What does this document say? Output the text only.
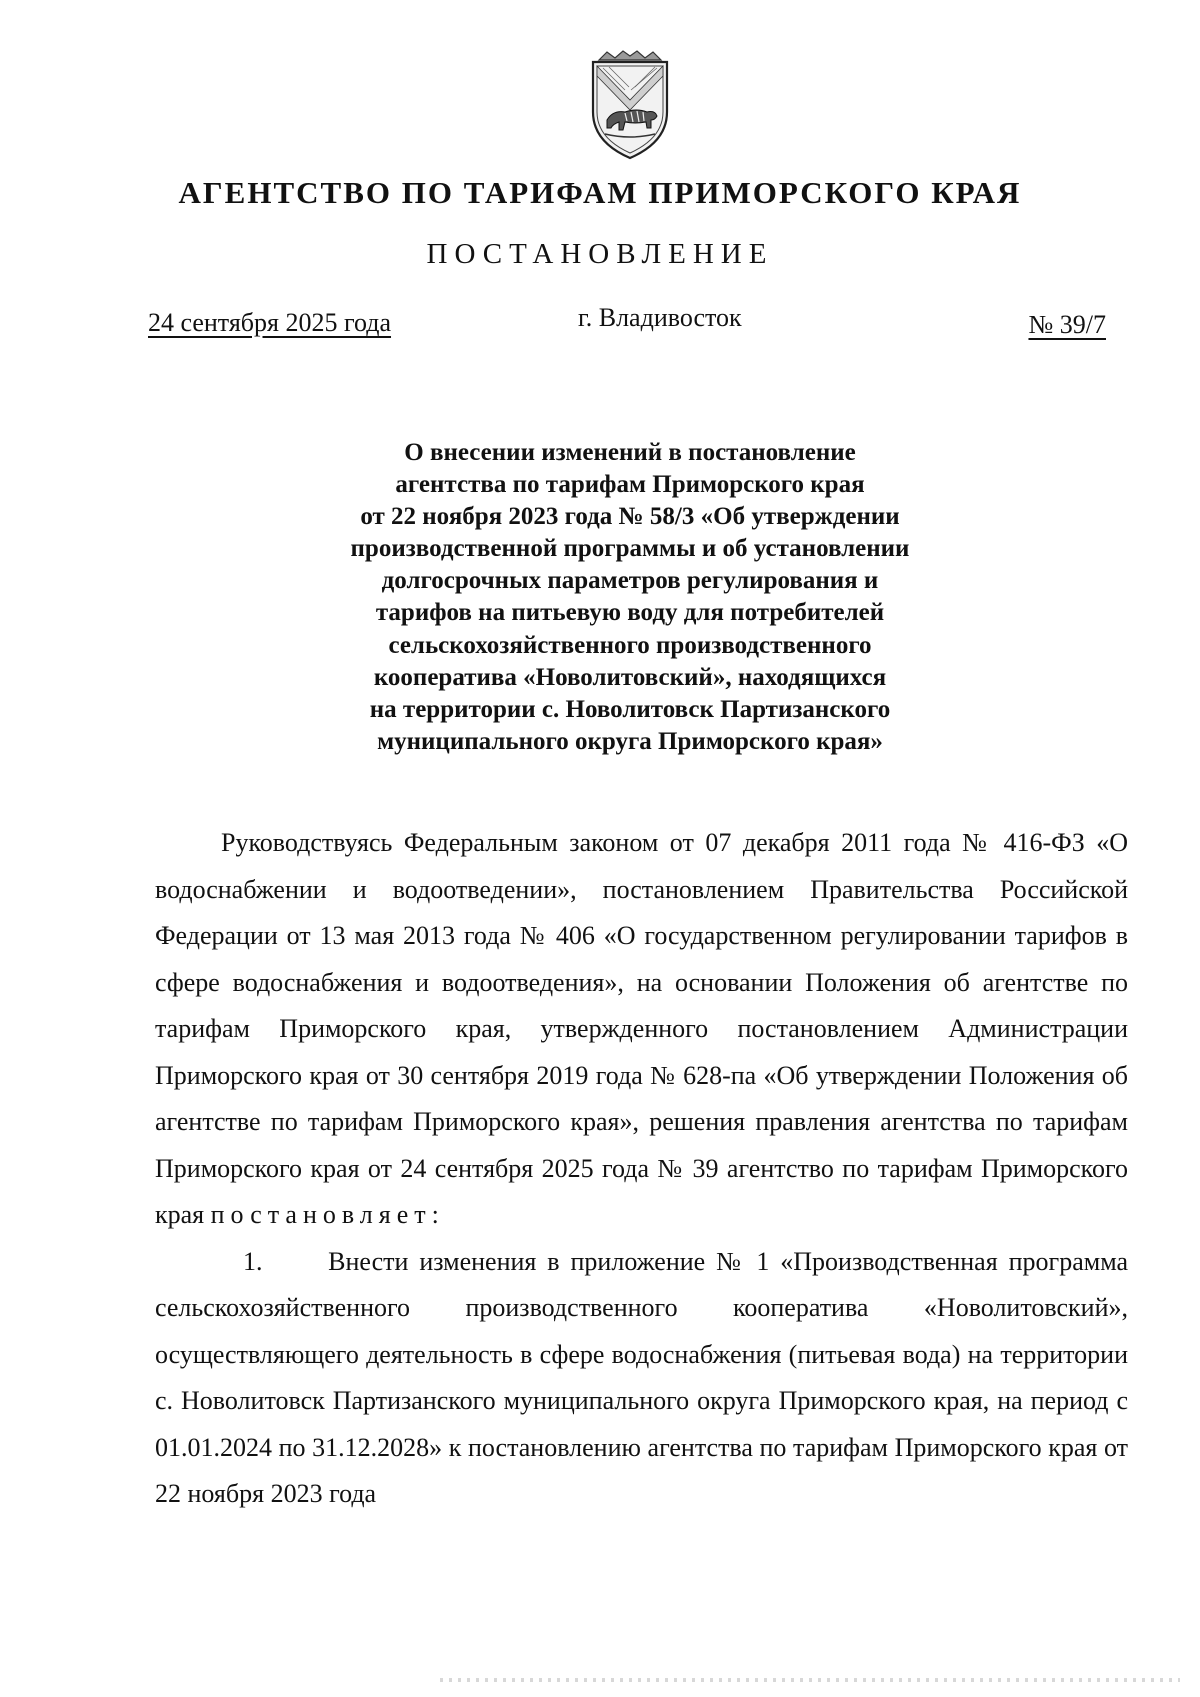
АГЕНТСТВО ПО ТАРИФАМ ПРИМОРСКОГО КРАЯ
ПОСТАНОВЛЕНИЕ
24 сентября 2025 года	г. Владивосток	№ 39/7
О внесении изменений в постановление
агентства по тарифам Приморского края
от 22 ноября 2023 года № 58/3 «Об утверждении
производственной программы и об установлении
долгосрочных параметров регулирования и
тарифов на питьевую воду для потребителей
сельскохозяйственного производственного
кооператива «Новолитовский», находящихся
на территории с. Новолитовск Партизанского
муниципального округа Приморского края»

Руководствуясь Федеральным законом от 07 декабря 2011 года № 416-ФЗ «О водоснабжении и водоотведении», постановлением Правительства Российской Федерации от 13 мая 2013 года № 406 «О государственном регулировании тарифов в сфере водоснабжения и водоотведения», на основании Положения об агентстве по тарифам Приморского края, утвержденного постановлением Администрации Приморского края от 30 сентября 2019 года № 628-па «Об утверждении Положения об агентстве по тарифам Приморского края», решения правления агентства по тарифам Приморского края от 24 сентября 2025 года № 39 агентство по тарифам Приморского края постановляет:

1.	Внести изменения в приложение № 1 «Производственная программа сельскохозяйственного производственного кооператива «Новолитовский», осуществляющего деятельность в сфере водоснабжения (питьевая вода) на территории с. Новолитовск Партизанского муниципального округа Приморского края, на период с 01.01.2024 по 31.12.2028» к постановлению агентства по тарифам Приморского края от 22 ноября 2023 года
